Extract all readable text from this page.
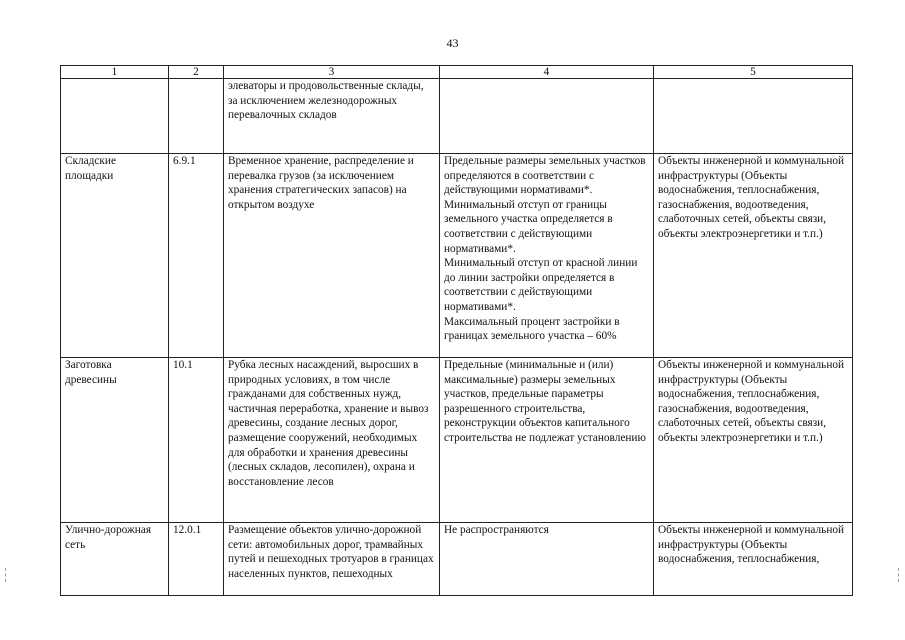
43
1	2	3	4	5
		элеваторы и продовольственные склады, за исключением железнодорожных перевалочных складов		
Складские площадки	6.9.1	Временное хранение, распределение и перевалка грузов (за исключением хранения стратегических запасов) на открытом воздухе	Предельные размеры земельных участков определяются в соответствии с действующими нормативами*.
Минимальный отступ от границы земельного участка определяется в соответствии с действующими нормативами*.
Минимальный отступ от красной линии до линии застройки определяется в соответствии с действующими нормативами*.
Максимальный процент застройки в границах земельного участка – 60%	Объекты инженерной и коммунальной инфраструктуры (Объекты водоснабжения, теплоснабжения, газоснабжения, водоотведения, слаботочных сетей, объекты связи, объекты электроэнергетики и т.п.)
Заготовка древесины	10.1	Рубка лесных насаждений, выросших в природных условиях, в том числе гражданами для собственных нужд, частичная переработка, хранение и вывоз древесины, создание лесных дорог, размещение сооружений, необходимых для обработки и хранения древесины (лесных складов, лесопилен), охрана и восстановление лесов	Предельные (минимальные и (или) максимальные) размеры земельных участков, предельные параметры разрешенного строительства, реконструкции объектов капитального строительства не подлежат установлению	Объекты инженерной и коммунальной инфраструктуры (Объекты водоснабжения, теплоснабжения, газоснабжения, водоотведения, слаботочных сетей, объекты связи, объекты электроэнергетики и т.п.)
Улично-дорожная сеть	12.0.1	Размещение объектов улично-дорожной сети: автомобильных дорог, трамвайных путей и пешеходных тротуаров в границах населенных пунктов, пешеходных	Не распространяются	Объекты инженерной и коммунальной инфраструктуры (Объекты водоснабжения, теплоснабжения,
